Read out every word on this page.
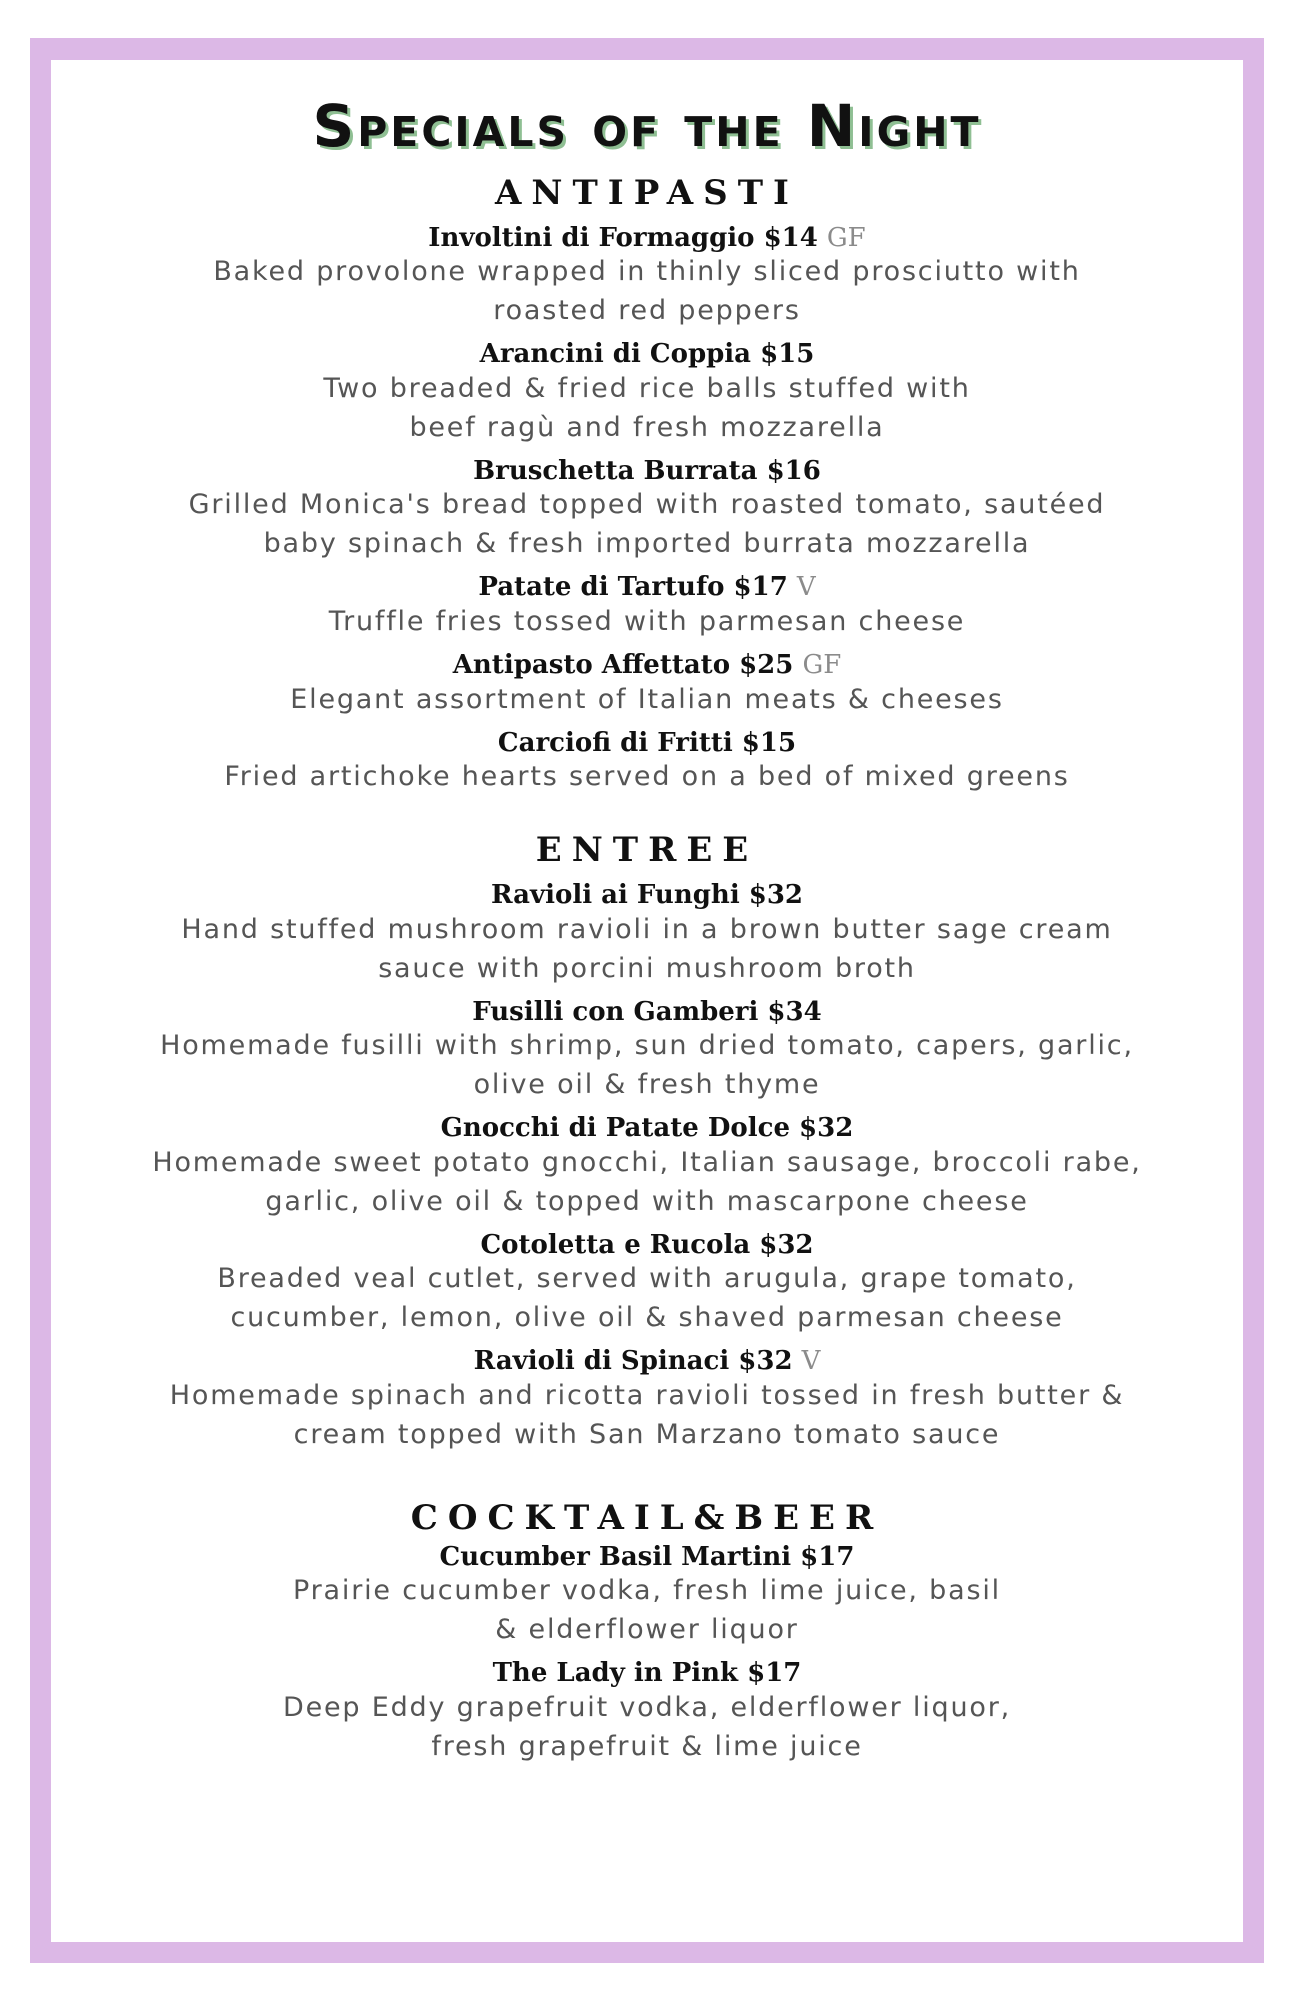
Specials of the Night
ANTIPASTI
Involtini di Formaggio $14 GF
Baked provolone wrapped in thinly sliced prosciutto with
roasted red peppers
Arancini di Coppia $15
Two breaded & fried rice balls stuffed with
beef ragù and fresh mozzarella
Bruschetta Burrata $16
Grilled Monica's bread topped with roasted tomato, sautéed
baby spinach & fresh imported burrata mozzarella
Patate di Tartufo $17 V
Truffle fries tossed with parmesan cheese
Antipasto Affettato $25 GF
Elegant assortment of Italian meats & cheeses
Carciofi di Fritti $15
Fried artichoke hearts served on a bed of mixed greens
ENTREE
Ravioli ai Funghi $32
Hand stuffed mushroom ravioli in a brown butter sage cream
sauce with porcini mushroom broth
Fusilli con Gamberi $34
Homemade fusilli with shrimp, sun dried tomato, capers, garlic,
olive oil & fresh thyme
Gnocchi di Patate Dolce $32
Homemade sweet potato gnocchi, Italian sausage, broccoli rabe,
garlic, olive oil & topped with mascarpone cheese
Cotoletta e Rucola $32
Breaded veal cutlet, served with arugula, grape tomato,
cucumber, lemon, olive oil & shaved parmesan cheese
Ravioli di Spinaci $32 V
Homemade spinach and ricotta ravioli tossed in fresh butter &
cream topped with San Marzano tomato sauce
COCKTAIL&BEER
Cucumber Basil Martini $17
Prairie cucumber vodka, fresh lime juice, basil
& elderflower liquor
The Lady in Pink $17
Deep Eddy grapefruit vodka, elderflower liquor,
fresh grapefruit & lime juice
